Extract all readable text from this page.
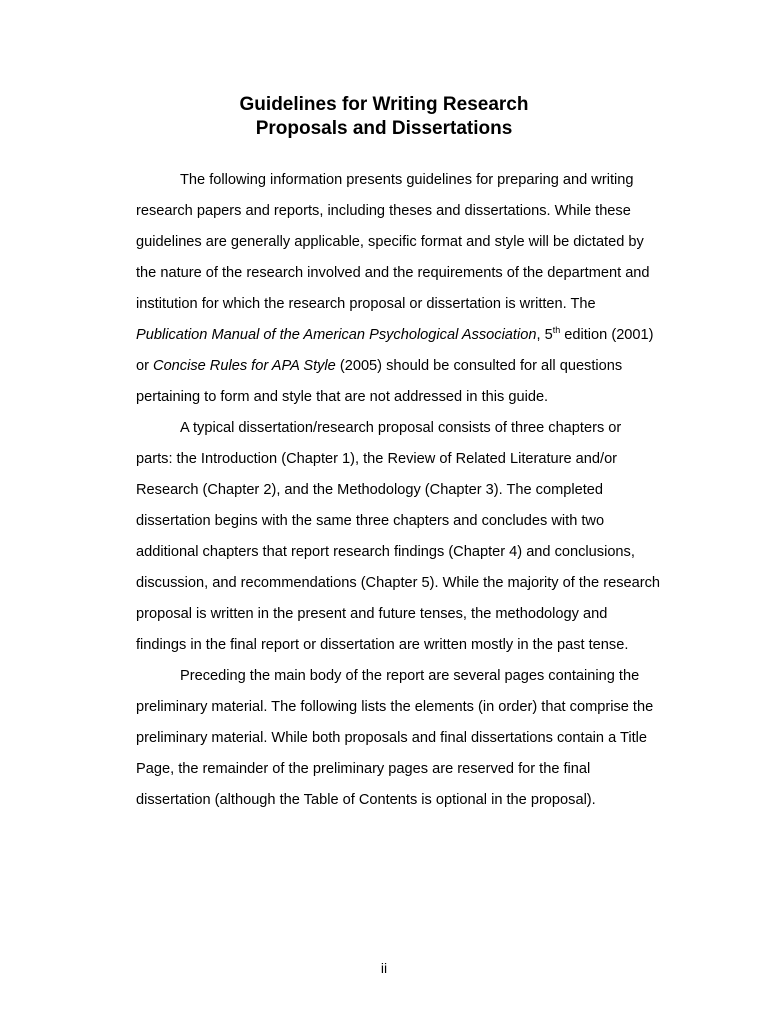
Guidelines for Writing Research
Proposals and Dissertations
The following information presents guidelines for preparing and writing
research papers and reports, including theses and dissertations. While these
guidelines are generally applicable, specific format and style will be dictated by
the nature of the research involved and the requirements of the department and
institution for which the research proposal or dissertation is written. The
Publication Manual of the American Psychological Association, 5th edition (2001)
or Concise Rules for APA Style (2005) should be consulted for all questions
pertaining to form and style that are not addressed in this guide.
A typical dissertation/research proposal consists of three chapters or
parts: the Introduction (Chapter 1), the Review of Related Literature and/or
Research (Chapter 2), and the Methodology (Chapter 3). The completed
dissertation begins with the same three chapters and concludes with two
additional chapters that report research findings (Chapter 4) and conclusions,
discussion, and recommendations (Chapter 5). While the majority of the research
proposal is written in the present and future tenses, the methodology and
findings in the final report or dissertation are written mostly in the past tense.
Preceding the main body of the report are several pages containing the
preliminary material. The following lists the elements (in order) that comprise the
preliminary material. While both proposals and final dissertations contain a Title
Page, the remainder of the preliminary pages are reserved for the final
dissertation (although the Table of Contents is optional in the proposal).
ii
